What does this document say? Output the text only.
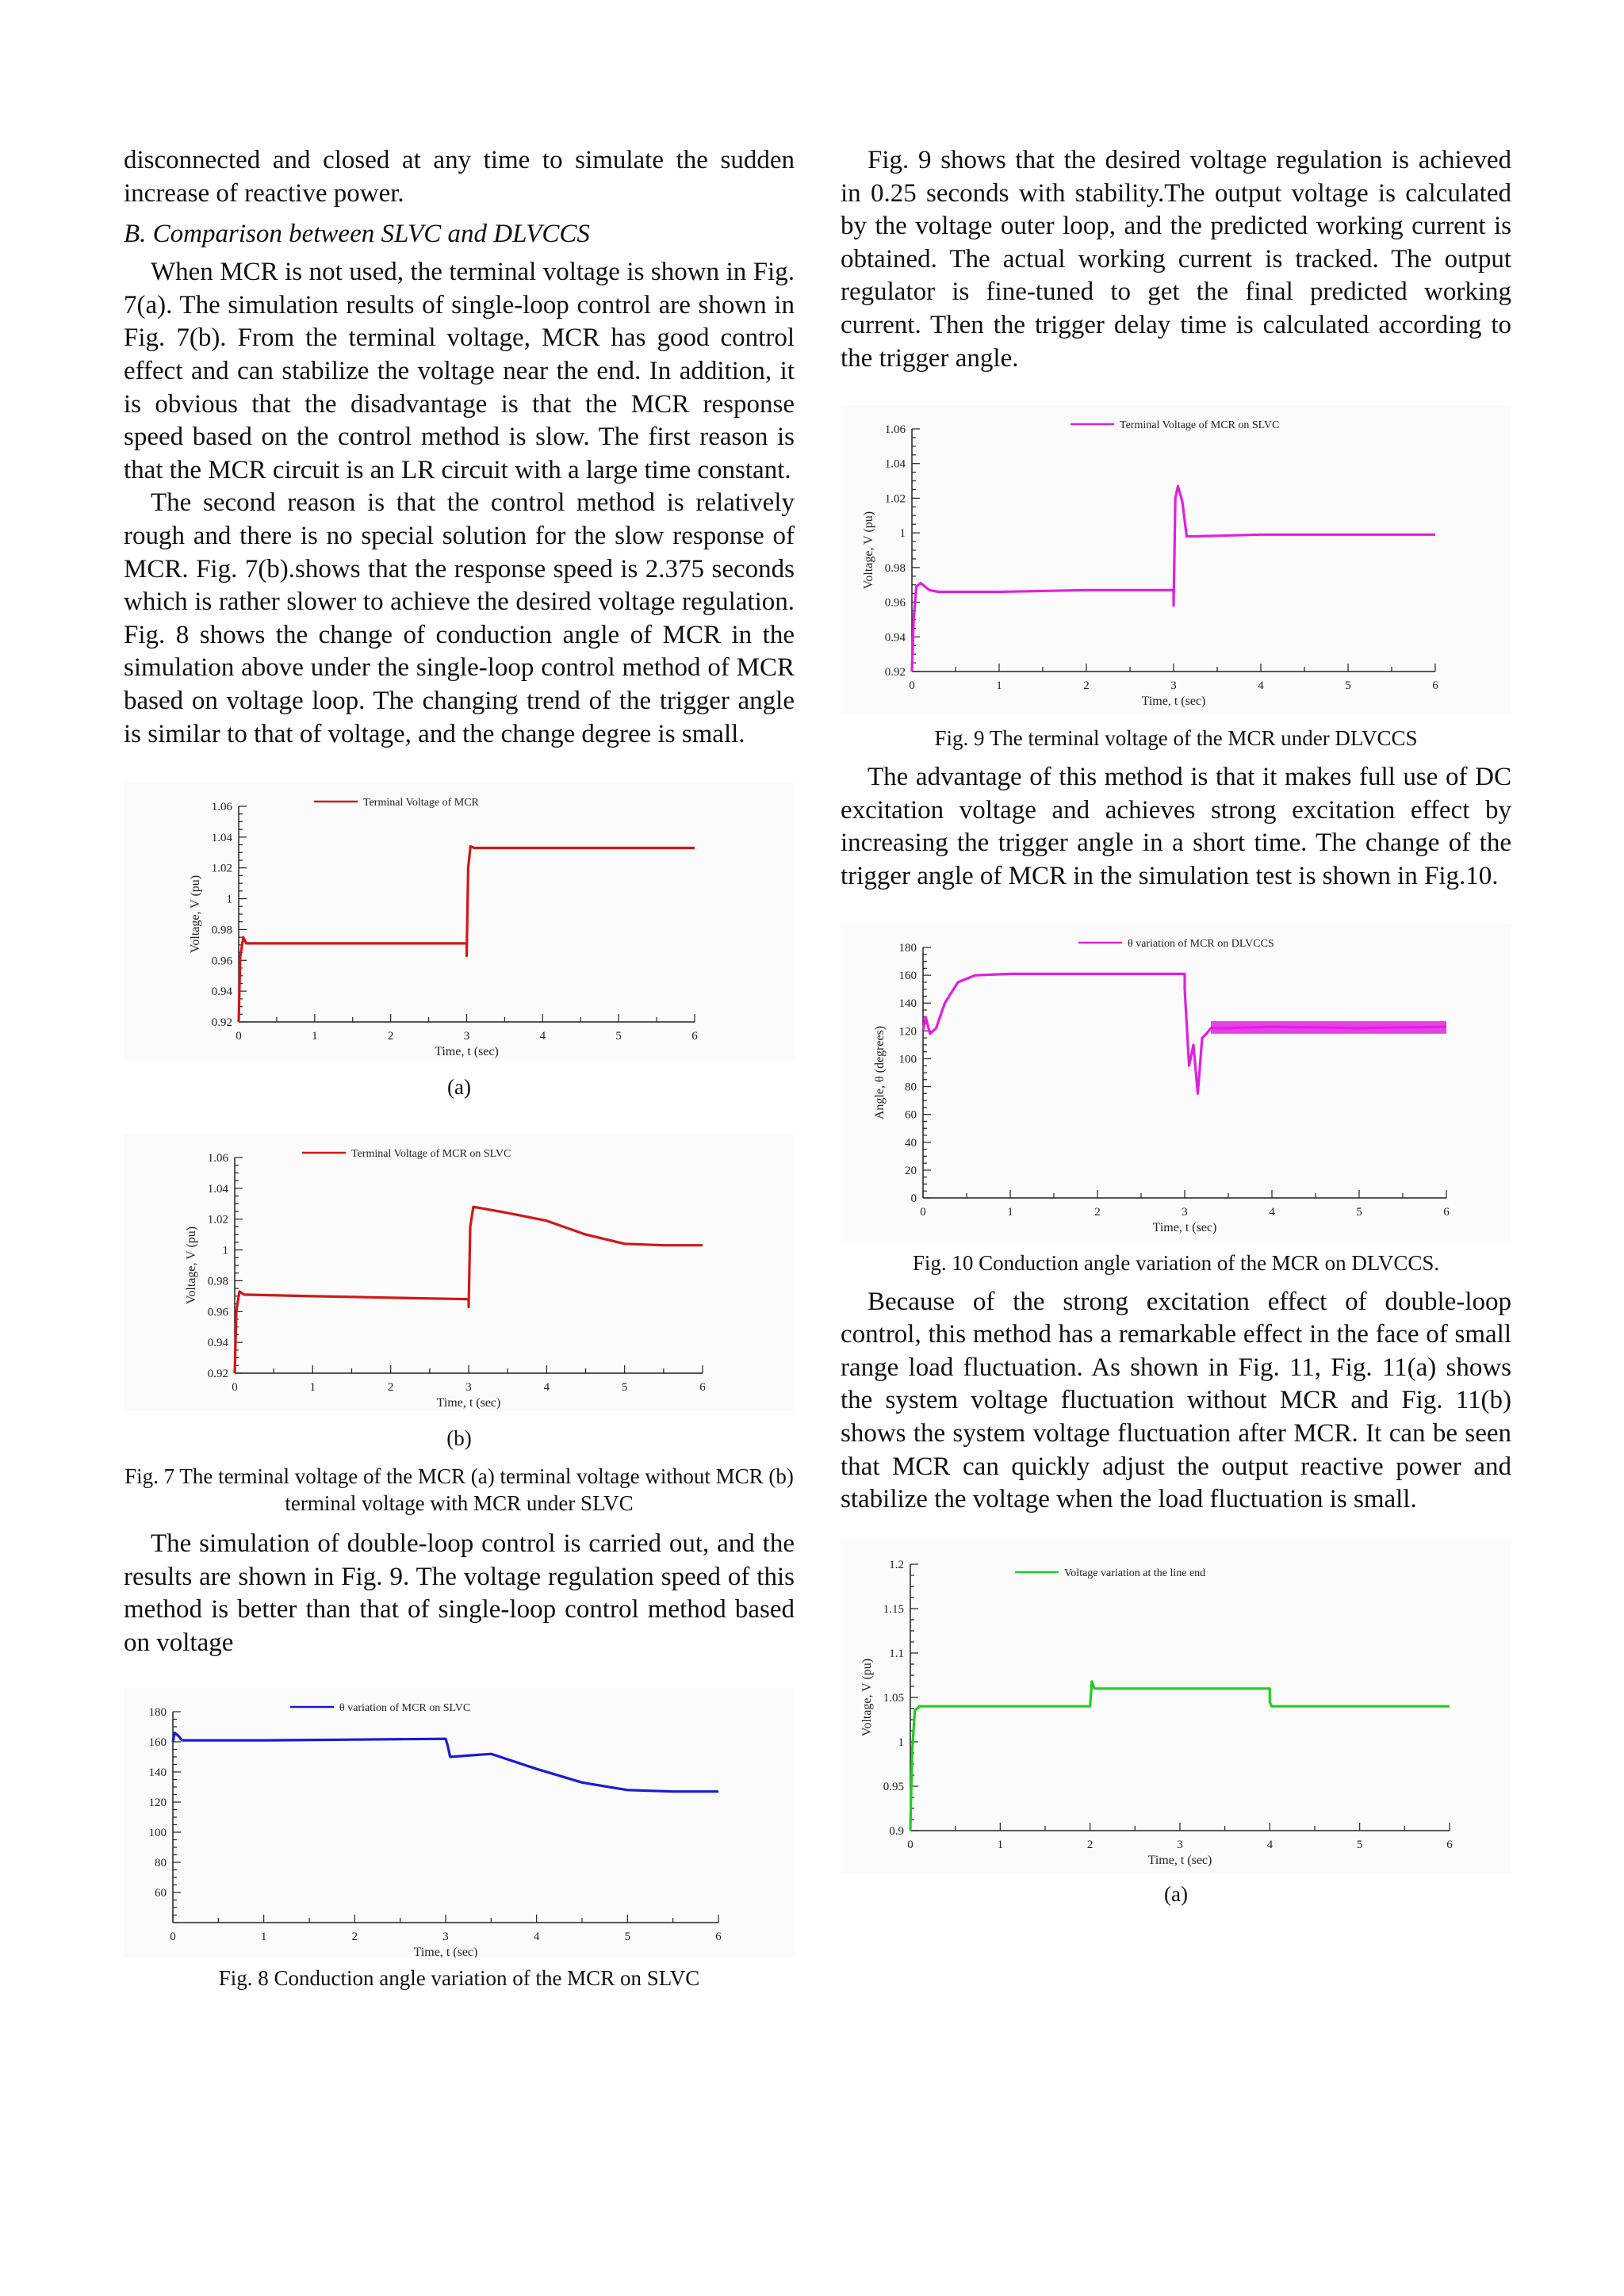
disconnected and closed at any time to simulate the sudden increase of reactive power.

B. Comparison between SLVC and DLVCCS

When MCR is not used, the terminal voltage is shown in Fig. 7(a). The simulation results of single-loop control are shown in Fig. 7(b). From the terminal voltage, MCR has good control effect and can stabilize the voltage near the end. In addition, it is obvious that the disadvantage is that the MCR response speed based on the control method is slow. The first reason is that the MCR circuit is an LR circuit with a large time constant.

The second reason is that the control method is relatively rough and there is no special solution for the slow response of MCR. Fig. 7(b).shows that the response speed is 2.375 seconds which is rather slower to achieve the desired voltage regulation. Fig. 8 shows the change of conduction angle of MCR in the simulation above under the single-loop control method of MCR based on voltage loop. The changing trend of the trigger angle is similar to that of voltage, and the change degree is small.

0	1	2	3	4	5	6
0.92
0.94
0.96
0.98
1
1.02
1.04
1.06
Time, t (sec)
Voltage, V (pu)
Terminal Voltage of MCR
(a)
0	1	2	3	4	5	6
0.92
0.94
0.96
0.98
1
1.02
1.04
1.06
Time, t (sec)
Voltage, V (pu)
Terminal Voltage of MCR on SLVC
(b)
Fig. 7 The terminal voltage of the MCR (a) terminal voltage without MCR (b) terminal voltage with MCR under SLVC

The simulation of double-loop control is carried out, and the results are shown in Fig. 9. The voltage regulation speed of this method is better than that of single-loop control method based on voltage

0	1	2	3	4	5	6
60
80
100
120
140
160
180
Time, t (sec)
θ variation of MCR on SLVC
Fig. 8 Conduction angle variation of the MCR on SLVC

Fig. 9 shows that the desired voltage regulation is achieved in 0.25 seconds with stability.The output voltage is calculated by the voltage outer loop, and the predicted working current is obtained. The actual working current is tracked. The output regulator is fine-tuned to get the final predicted working current. Then the trigger delay time is calculated according to the trigger angle.

0	1	2	3	4	5	6
0.92
0.94
0.96
0.98
1
1.02
1.04
1.06
Time, t (sec)
Voltage, V (pu)
Terminal Voltage of MCR on SLVC
Fig. 9 The terminal voltage of the MCR under DLVCCS

The advantage of this method is that it makes full use of DC excitation voltage and achieves strong excitation effect by increasing the trigger angle in a short time. The change of the trigger angle of MCR in the simulation test is shown in Fig.10.

0	1	2	3	4	5	6
0
20
40
60
80
100
120
140
160
180
Time, t (sec)
Angle, θ (degrees)
θ variation of MCR on DLVCCS
Fig. 10 Conduction angle variation of the MCR on DLVCCS.

Because of the strong excitation effect of double-loop control, this method has a remarkable effect in the face of small range load fluctuation. As shown in Fig. 11, Fig. 11(a) shows the system voltage fluctuation without MCR and Fig. 11(b) shows the system voltage fluctuation after MCR. It can be seen that MCR can quickly adjust the output reactive power and stabilize the voltage when the load fluctuation is small.

0	1	2	3	4	5	6
0.9
0.95
1
1.05
1.1
1.15
1.2
Time, t (sec)
Voltage, V (pu)
Voltage variation at the line end
(a)
